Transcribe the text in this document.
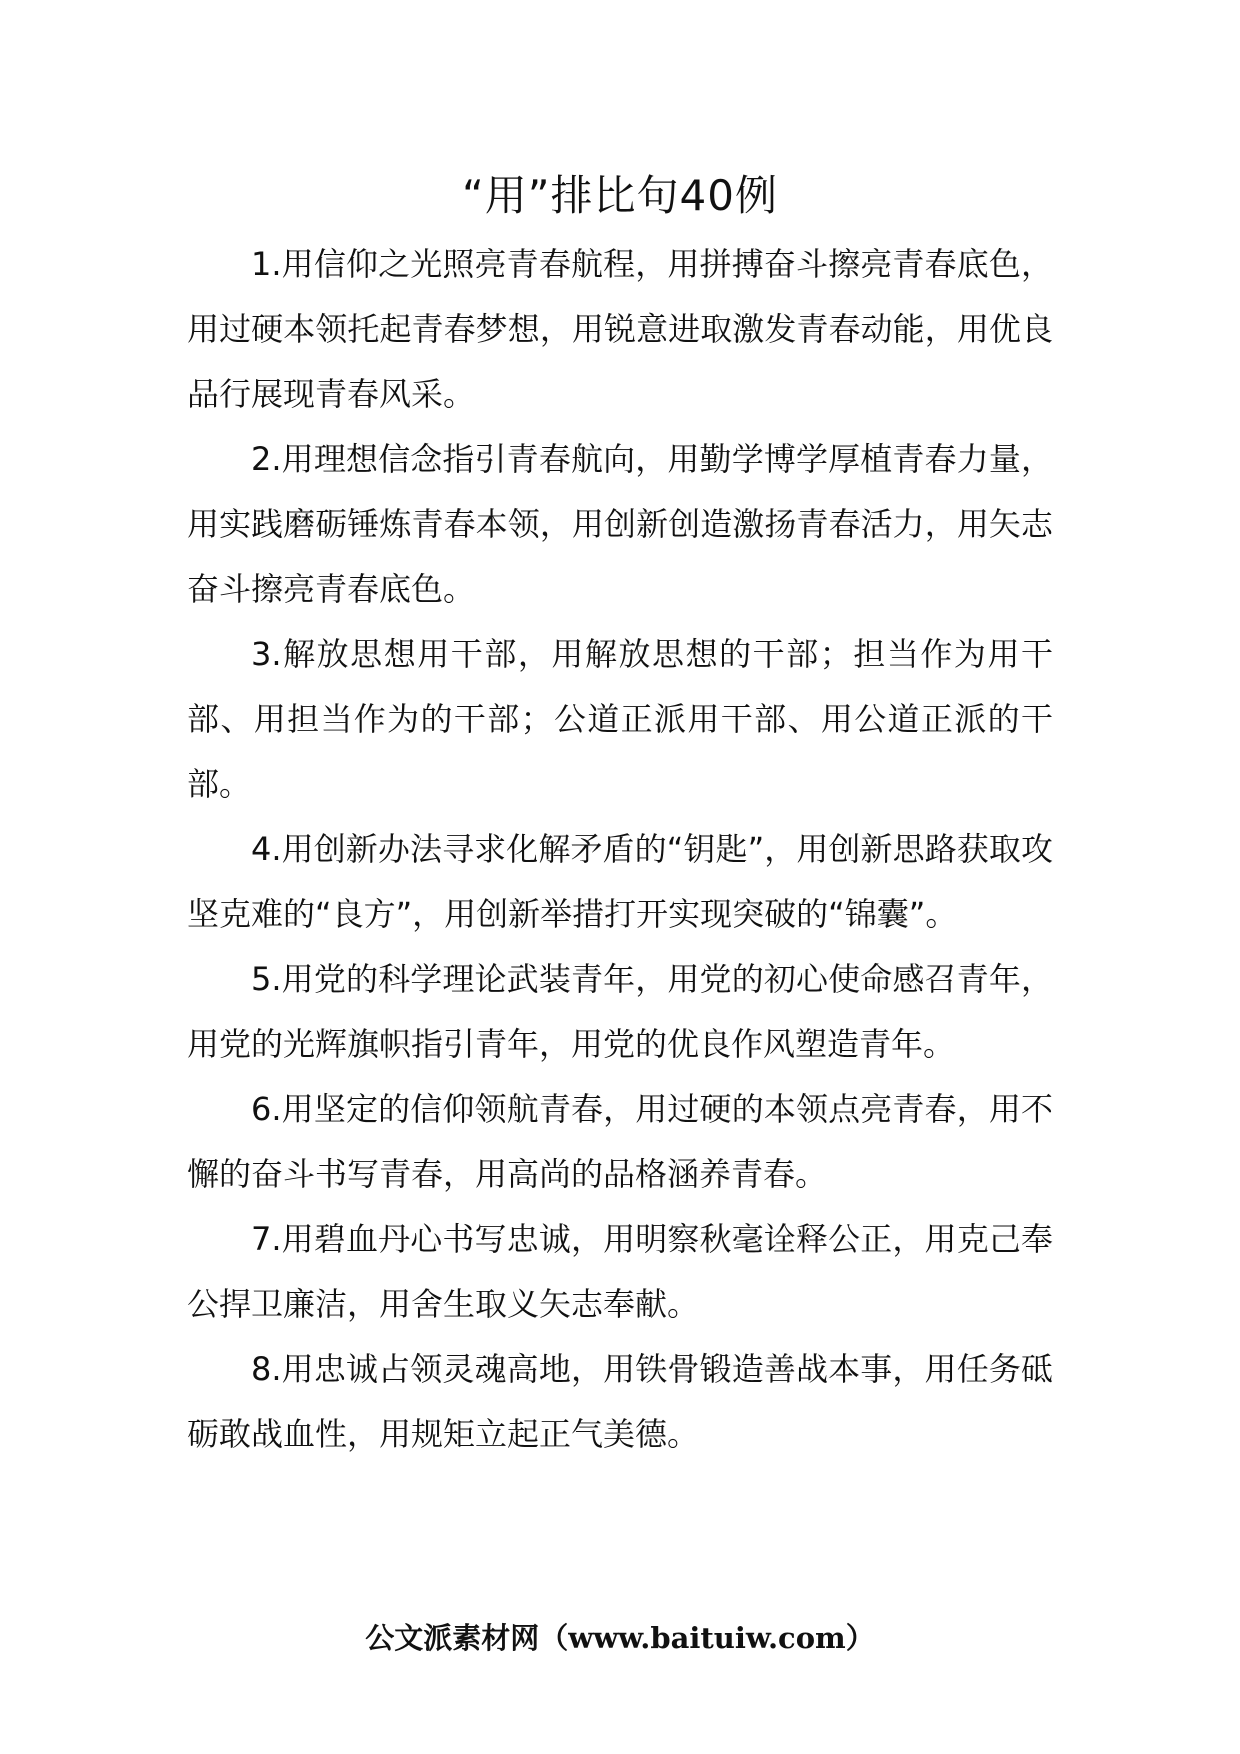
“用”排比句40例

1.用信仰之光照亮青春航程，用拼搏奋斗擦亮青春底色，用过硬本领托起青春梦想，用锐意进取激发青春动能，用优良品行展现青春风采。

2.用理想信念指引青春航向，用勤学博学厚植青春力量，用实践磨砺锤炼青春本领，用创新创造激扬青春活力，用矢志奋斗擦亮青春底色。

3.解放思想用干部，用解放思想的干部；担当作为用干部、用担当作为的干部；公道正派用干部、用公道正派的干部。

4.用创新办法寻求化解矛盾的“钥匙”，用创新思路获取攻坚克难的“良方”，用创新举措打开实现突破的“锦囊”。

5.用党的科学理论武装青年，用党的初心使命感召青年，用党的光辉旗帜指引青年，用党的优良作风塑造青年。

6.用坚定的信仰领航青春，用过硬的本领点亮青春，用不懈的奋斗书写青春，用高尚的品格涵养青春。

7.用碧血丹心书写忠诚，用明察秋毫诠释公正，用克己奉公捍卫廉洁，用舍生取义矢志奉献。

8.用忠诚占领灵魂高地，用铁骨锻造善战本事，用任务砥砺敢战血性，用规矩立起正气美德。

公文派素材网（www.baituiw.com）
